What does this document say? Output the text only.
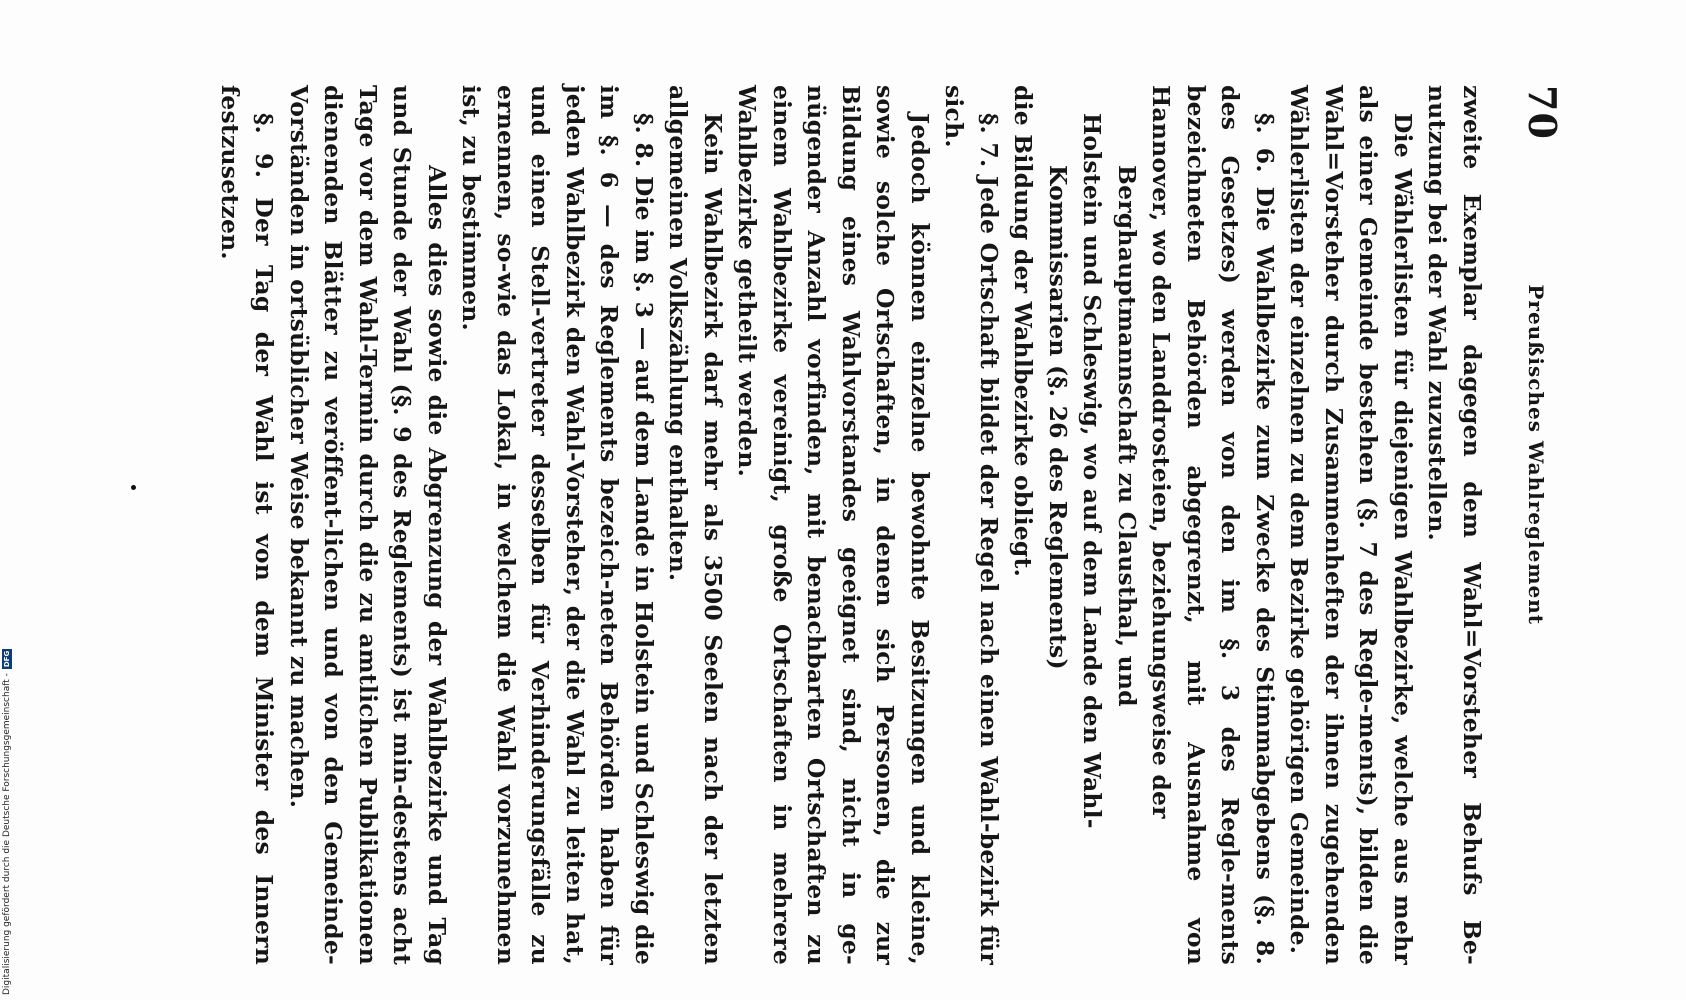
70
Preußisches Wahlreglement

zweite Exemplar dagegen dem Wahl=Vorsteher Behufs Be-nutzung bei der Wahl zuzustellen.

Die Wählerlisten für diejenigen Wahlbezirke, welche aus mehr als einer Gemeinde bestehen (§. 7 des Regle-ments), bilden die Wahl=Vorsteher durch Zusammenheften der ihnen zugehenden Wählerlisten der einzelnen zu dem Bezirke gehörigen Gemeinde.

§. 6. Die Wahlbezirke zum Zwecke des Stimmabgebens (§. 8. des Gesetzes) werden von den im §. 3 des Regle-ments bezeichneten Behörden abgegrenzt, mit Ausnahme von Hannover, wo den Landdrosteien, beziehungsweise der

Berghauptmannschaft zu Clausthal, und

Holstein und Schleswig, wo auf dem Lande den Wahl-

Kommissarien (§. 26 des Reglements)

die Bildung der Wahlbezirke obliegt.

§. 7. Jede Ortschaft bildet der Regel nach einen Wahl-bezirk für sich.

Jedoch können einzelne bewohnte Besitzungen und kleine, sowie solche Ortschaften, in denen sich Personen, die zur Bildung eines Wahlvorstandes geeignet sind, nicht in ge-nügender Anzahl vorfinden, mit benachbarten Ortschaften zu einem Wahlbezirke vereinigt, große Ortschaften in mehrere Wahlbezirke getheilt werden.

Kein Wahlbezirk darf mehr als 3500 Seelen nach der letzten allgemeinen Volkszählung enthalten.

§. 8. Die im §. 3 — auf dem Lande in Holstein und Schleswig die im §. 6 — des Reglements bezeich-neten Behörden haben für jeden Wahlbezirk den Wahl-Vorsteher, der die Wahl zu leiten hat, und einen Stell-vertreter desselben für Verhinderungsfälle zu ernennen, so-wie das Lokal, in welchem die Wahl vorzunehmen ist, zu bestimmen.

Alles dies sowie die Abgrenzung der Wahlbezirke und Tag und Stunde der Wahl (§. 9 des Reglements) ist min-destens acht Tage vor dem Wahl-Termin durch die zu amtlichen Publikationen dienenden Blätter zu veröffent-lichen und von den Gemeinde-Vorständen in ortsüblicher Weise bekannt zu machen.

§. 9. Der Tag der Wahl ist von dem Minister des Innern festzusetzen.

Digitalisierung gefördert durch die Deutsche Forschungsgemeinschaft -
DFG
